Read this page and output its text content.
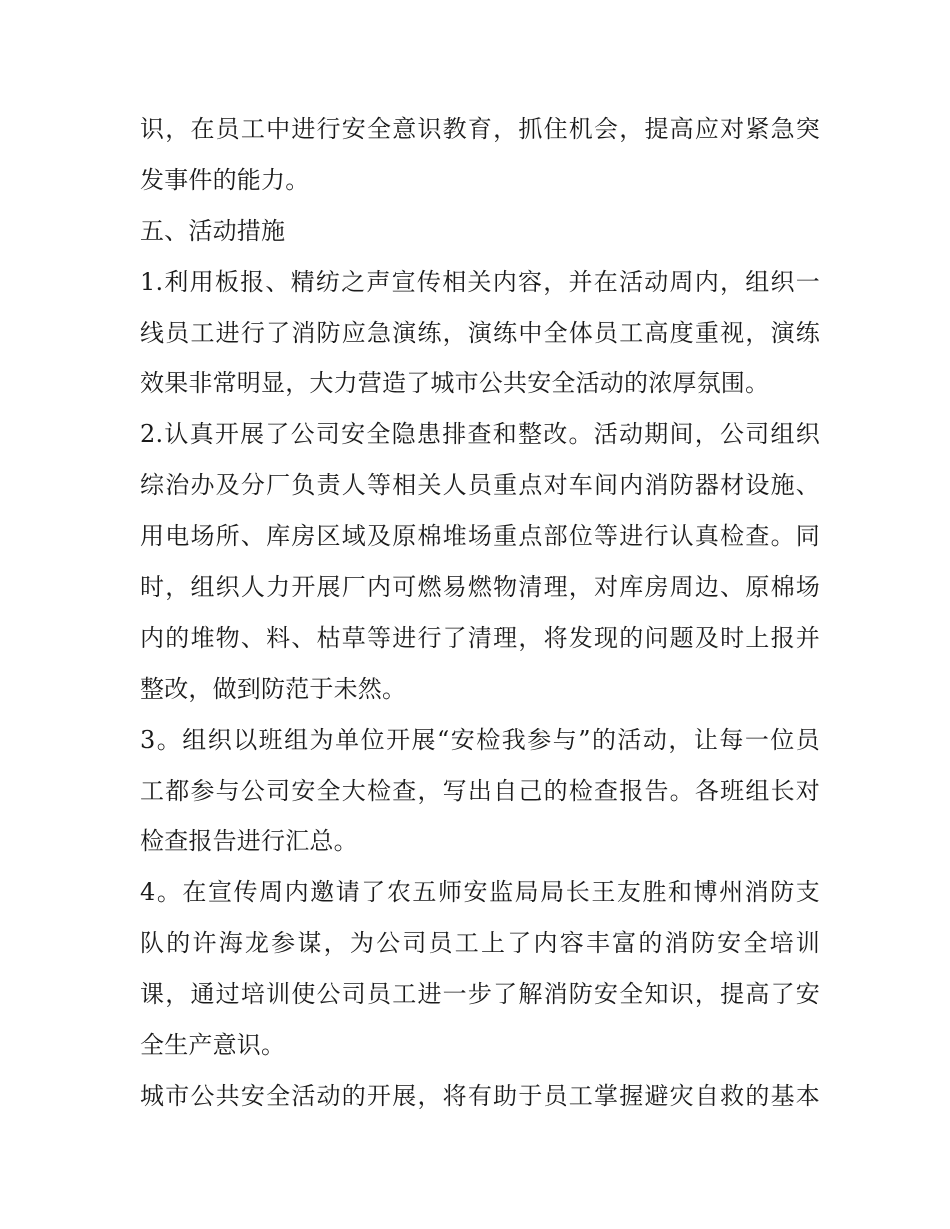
识，在员工中进行安全意识教育，抓住机会，提高应对紧急突

发事件的能力。

五、活动措施

1.利用板报、精纺之声宣传相关内容，并在活动周内，组织一

线员工进行了消防应急演练，演练中全体员工高度重视，演练

效果非常明显，大力营造了城市公共安全活动的浓厚氛围。

2.认真开展了公司安全隐患排查和整改。活动期间，公司组织

综治办及分厂负责人等相关人员重点对车间内消防器材设施、

用电场所、库房区域及原棉堆场重点部位等进行认真检查。同

时，组织人力开展厂内可燃易燃物清理，对库房周边、原棉场

内的堆物、料、枯草等进行了清理，将发现的问题及时上报并

整改，做到防范于未然。

3。组织以班组为单位开展“安检我参与”的活动，让每一位员

工都参与公司安全大检查，写出自己的检查报告。各班组长对

检查报告进行汇总。

4。在宣传周内邀请了农五师安监局局长王友胜和博州消防支

队的许海龙参谋，为公司员工上了内容丰富的消防安全培训

课，通过培训使公司员工进一步了解消防安全知识，提高了安

全生产意识。

城市公共安全活动的开展，将有助于员工掌握避灾自救的基本
